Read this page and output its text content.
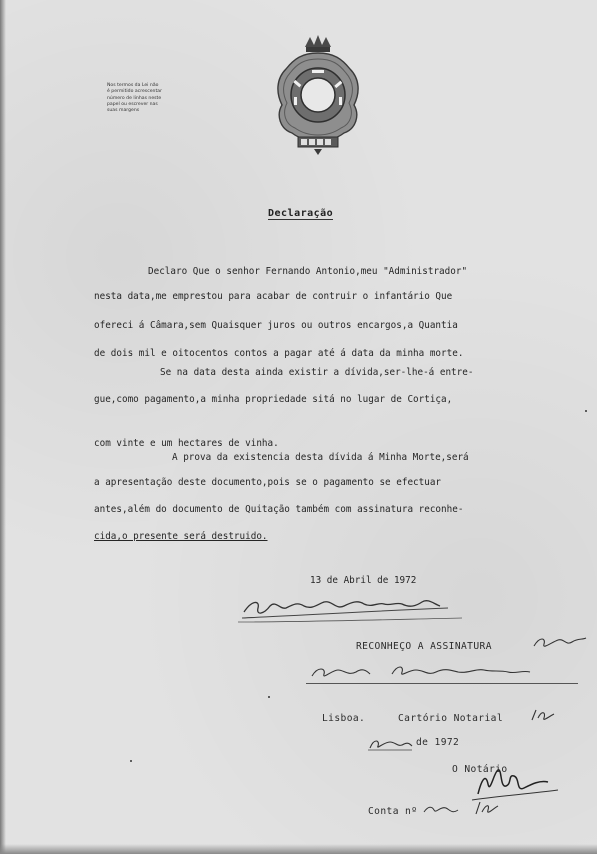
Nos termos da Lei não
é permitido acrescentar
número de linhas neste
papel ou escrever nas
suas margens
Declaração
Declaro Que o senhor Fernando Antonio,meu "Administrador"
nesta data,me emprestou para acabar de contruir o infantário Que
ofereci á Câmara,sem Quaisquer juros ou outros encargos,a Quantia
de dois mil e oitocentos contos a pagar até á data da minha morte.
Se na data desta ainda existir a dívida,ser-lhe-á entre-
gue,como pagamento,a minha propriedade sitá no lugar de Cortiça,
com vinte e um hectares de vinha.
A prova da existencia desta dívida á Minha Morte,será
a apresentação deste documento,pois se o pagamento se efectuar
antes,além do documento de Quitação também com assinatura reconhe-
cida,o presente será destruido.
13 de Abril de 1972
RECONHEÇO A ASSINATURA
Lisboa.	Cartório Notarial
de 1972
O Notário
Conta nº
